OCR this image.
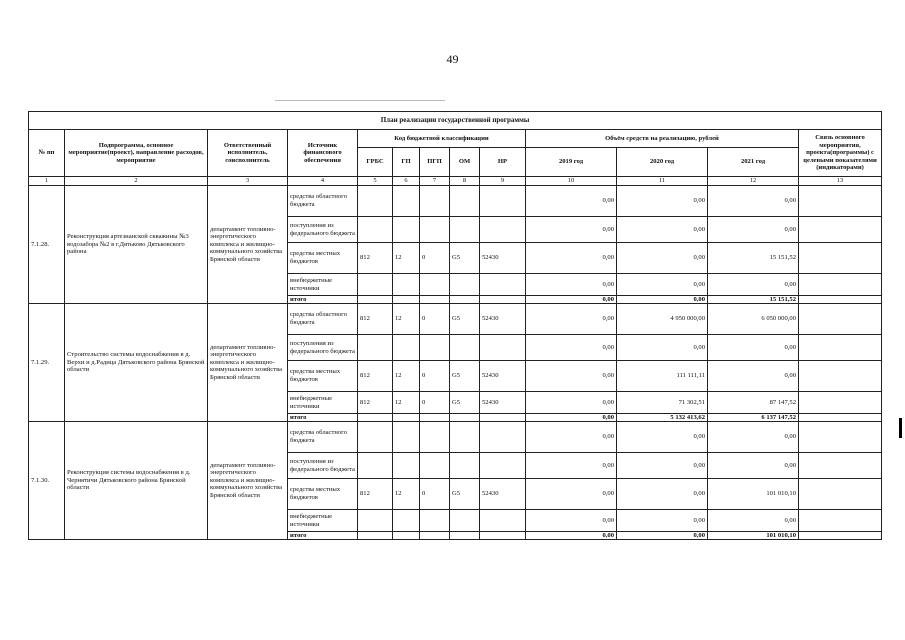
49
План реализации государственной программы												
№ пп	Подпрограмма, основное мероприятие(проект), направление расходов, мероприятие	Ответственный исполнитель, соисполнитель	Источник финансового обеспечения	Код бюджетной классификации					Объём средств на реализацию, рублей			Связь основного мероприятия, проекта(программы) с целевыми показателями (индикаторами)
				ГРБС	ГП	ПГП	ОМ	НР	2019 год	2020 год	2021 год	
1	2	3	4	5	6	7	8	9	10	11	12	13
7.1.28.	Реконструкция артезианской скважины №3 водозабора №2 в г.Дятьково Дятьковского района	департамент топливно-энергетического комплекса и жилищно-коммунального хозяйства Брянской области	средства областного бюджета						0,00	0,00	0,00	
			поступления из федерального бюджета						0,00	0,00	0,00	
			средства местных бюджетов	812	12	0	G5	52430	0,00	0,00	15 151,52	
			внебюджетные источники						0,00	0,00	0,00	
			итого						0,00	0,00	15 151,52	
7.1.29.	Строительство системы водоснабжения в д. Верхи и д.Радица Дятьковского района Брянской области	департамент топливно-энергетического комплекса и жилищно-коммунального хозяйства Брянской области	средства областного бюджета	812	12	0	G5	52430	0,00	4 950 000,00	6 050 000,00	
			поступления из федерального бюджета						0,00	0,00	0,00	
			средства местных бюджетов	812	12	0	G5	52430	0,00	111 111,11	0,00	
			внебюджетные источники	812	12	0	G5	52430	0,00	71 302,51	87 147,52	
			итого						0,00	5 132 413,62	6 137 147,52	
7.1.30.	Реконструкция системы водоснабжения в д. Чернятичи Дятьковского района Брянской области	департамент топливно-энергетического комплекса и жилищно-коммунального хозяйства Брянской области	средства областного бюджета						0,00	0,00	0,00	
			поступления из федерального бюджета						0,00	0,00	0,00	
			средства местных бюджетов	812	12	0	G5	52430	0,00	0,00	101 010,10	
			внебюджетные источники						0,00	0,00	0,00	
			итого						0,00	0,00	101 010,10	
